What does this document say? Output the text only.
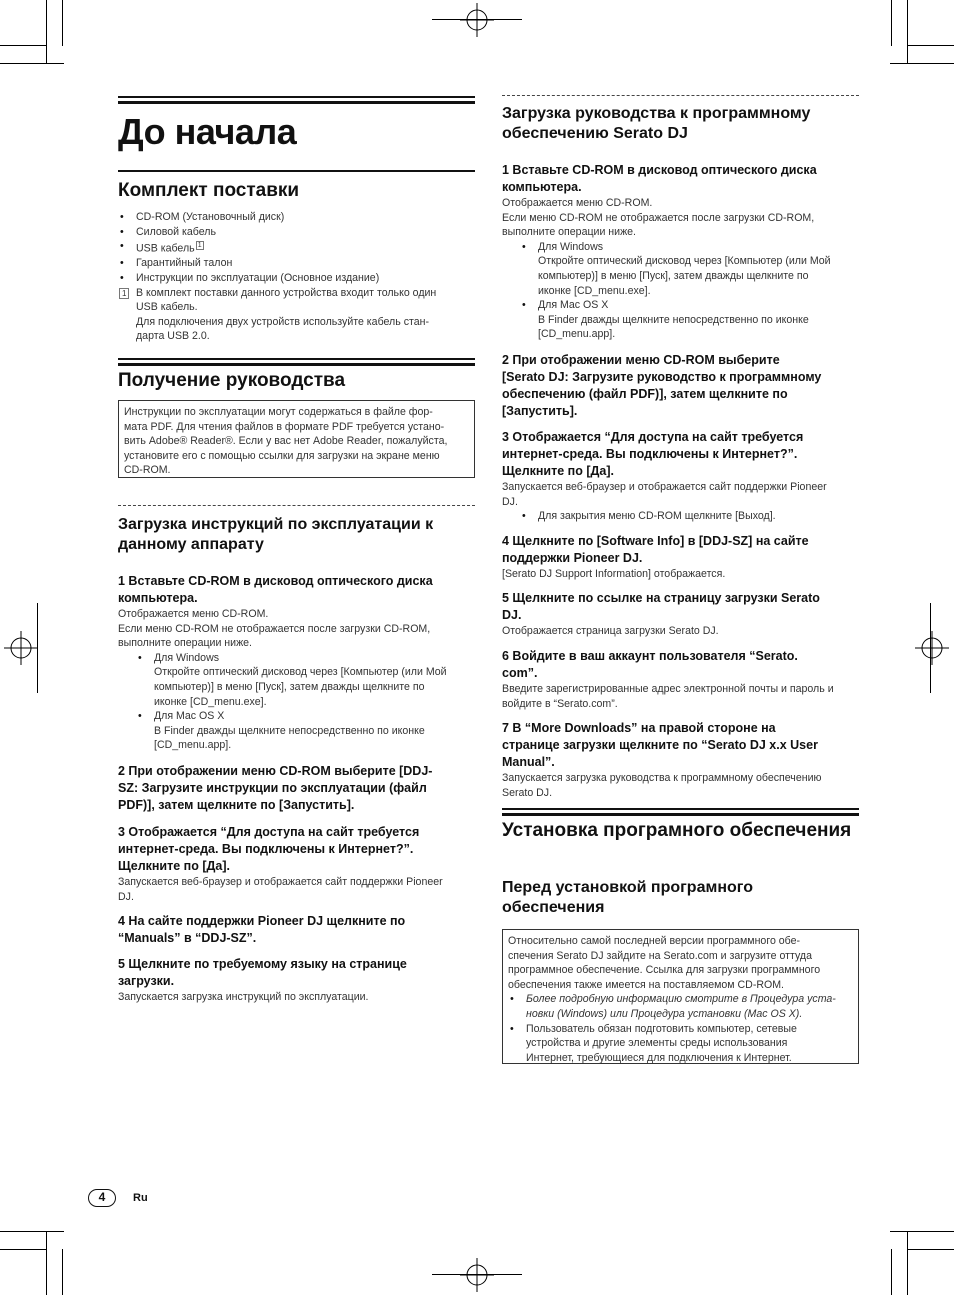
До начала
Комплект поставки
• CD-ROM (Установочный диск)
• Силовой кабель
• USB кабель $^1$
• Гарантийный талон
• Инструкции по эксплуатации (Основное издание)
1 В комплект поставки данного устройства входит только один
USB кабель.
Для подключения двух устройств используйте кабель стан-
дарта USB 2.0.
Получение руководства
Инструкции по эксплуатации могут содержаться в файле фор-
мата PDF. Для чтения файлов в формате PDF требуется устано-
вить Adobe® Reader®. Если у вас нет Adobe Reader, пожалуйста,
установите его с помощью ссылки для загрузки на экране меню
CD-ROM.
Загрузка инструкций по эксплуатации к
данному аппарату
1 Вставьте CD-ROM в дисковод оптического диска
компьютера.
Отображается меню CD-ROM.
Если меню CD-ROM не отображается после загрузки CD-ROM,
выполните операции ниже.
• Для Windows
Откройте оптический дисковод через [Компьютер (или Мой
компьютер)] в меню [Пуск], затем дважды щелкните по
иконке [CD_menu.exe].
• Для Mac OS X
В Finder дважды щелкните непосредственно по иконке
[CD_menu.app].
2 При отображении меню CD-ROM выберите [DDJ-
SZ: Загрузите инструкции по эксплуатации (файл
PDF)], затем щелкните по [Запустить].
3 Отображается “Для доступа на сайт требуется
интернет-среда. Вы подключены к Интернет?”.
Щелкните по [Да].
Запускается веб-браузер и отображается сайт поддержки Pioneer
DJ.
4 На сайте поддержки Pioneer DJ щелкните по
“Manuals” в “DDJ-SZ”.
5 Щелкните по требуемому языку на странице
загрузки.
Запускается загрузка инструкций по эксплуатации.
Загрузка руководства к программному
обеспечению Serato DJ
1 Вставьте CD-ROM в дисковод оптического диска
компьютера.
Отображается меню CD-ROM.
Если меню CD-ROM не отображается после загрузки CD-ROM,
выполните операции ниже.
• Для Windows
Откройте оптический дисковод через [Компьютер (или Мой
компьютер)] в меню [Пуск], затем дважды щелкните по
иконке [CD_menu.exe].
• Для Mac OS X
В Finder дважды щелкните непосредственно по иконке
[CD_menu.app].
2 При отображении меню CD-ROM выберите
[Serato DJ: Загрузите руководство к программному
обеспечению (файл PDF)], затем щелкните по
[Запустить].
3 Отображается “Для доступа на сайт требуется
интернет-среда. Вы подключены к Интернет?”.
Щелкните по [Да].
Запускается веб-браузер и отображается сайт поддержки Pioneer
DJ.
• Для закрытия меню CD-ROM щелкните [Выход].
4 Щелкните по [Software Info] в [DDJ-SZ] на сайте
поддержки Pioneer DJ.
[Serato DJ Support Information] отображается.
5 Щелкните по ссылке на страницу загрузки Serato
DJ.
Отображается страница загрузки Serato DJ.
6 Войдите в ваш аккаунт пользователя “Serato.
com”.
Введите зарегистрированные адрес электронной почты и пароль и
войдите в “Serato.com”.
7 В “More Downloads” на правой стороне на
странице загрузки щелкните по “Serato DJ x.x User
Manual”.
Запускается загрузка руководства к программному обеспечению
Serato DJ.
Установка програмного обеспечения
Перед установкой програмного
обеспечения
Относительно самой последней версии программного обе-
спечения Serato DJ зайдите на Serato.com и загрузите оттуда
программное обеспечение. Ссылка для загрузки программного
обеспечения также имеется на поставляемом CD-ROM.
• Более подробную информацию смотрите в Процедура уста-
новки (Windows) или Процедура установки (Mac OS X).
• Пользователь обязан подготовить компьютер, сетевые
устройства и другие элементы среды использования
Интернет, требующиеся для подключения к Интернет.
4	Ru
